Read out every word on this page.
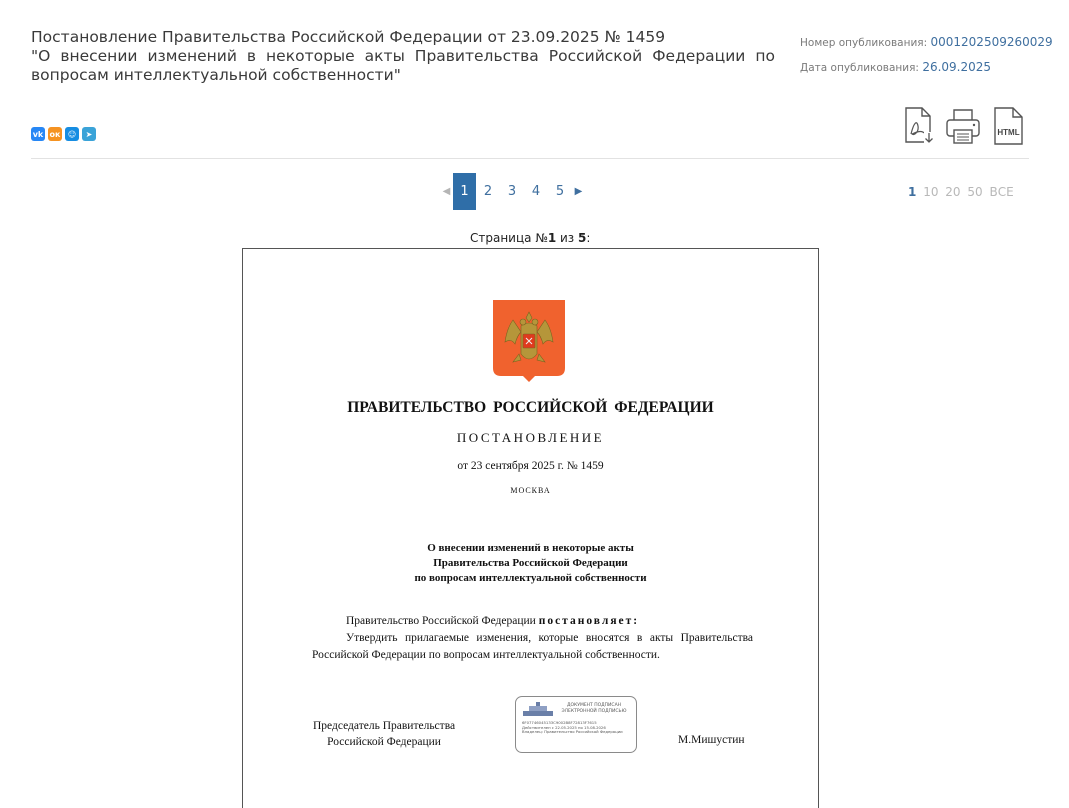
Постановление Правительства Российской Федерации от 23.09.2025 № 1459
"О внесении изменений в некоторые акты Правительства Российской Федерации по вопросам интеллектуальной собственности"
Номер опубликования: 0001202509260029
Дата опубликования: 26.09.2025
vk ок ☺	➤	HTML
◀ 1	2	3	4	5	▶	1 10 20 50 ВСЕ
Страница №1 из 5:
ПРАВИТЕЛЬСТВО РОССИЙСКОЙ ФЕДЕРАЦИИ
ПОСТАНОВЛЕНИЕ
от 23 сентября 2025 г. № 1459
МОСКВА
О внесении изменений в некоторые акты
Правительства Российской Федерации
по вопросам интеллектуальной собственности
Правительство Российской Федерации постановляет:
Утвердить прилагаемые изменения, которые вносятся в акты Правительства Российской Федерации по вопросам интеллектуальной собственности.
Председатель Правительства
Российской Федерации
ДОКУМЕНТ ПОДПИСАН
ЭЛЕКТРОННОЙ ПОДПИСЬЮ
6F07746045133C9002B8F72813F7615
Действителен с 22.05.2025 по 15.08.2026
Владелец: Правительство Российской Федерации
М.Мишустин
